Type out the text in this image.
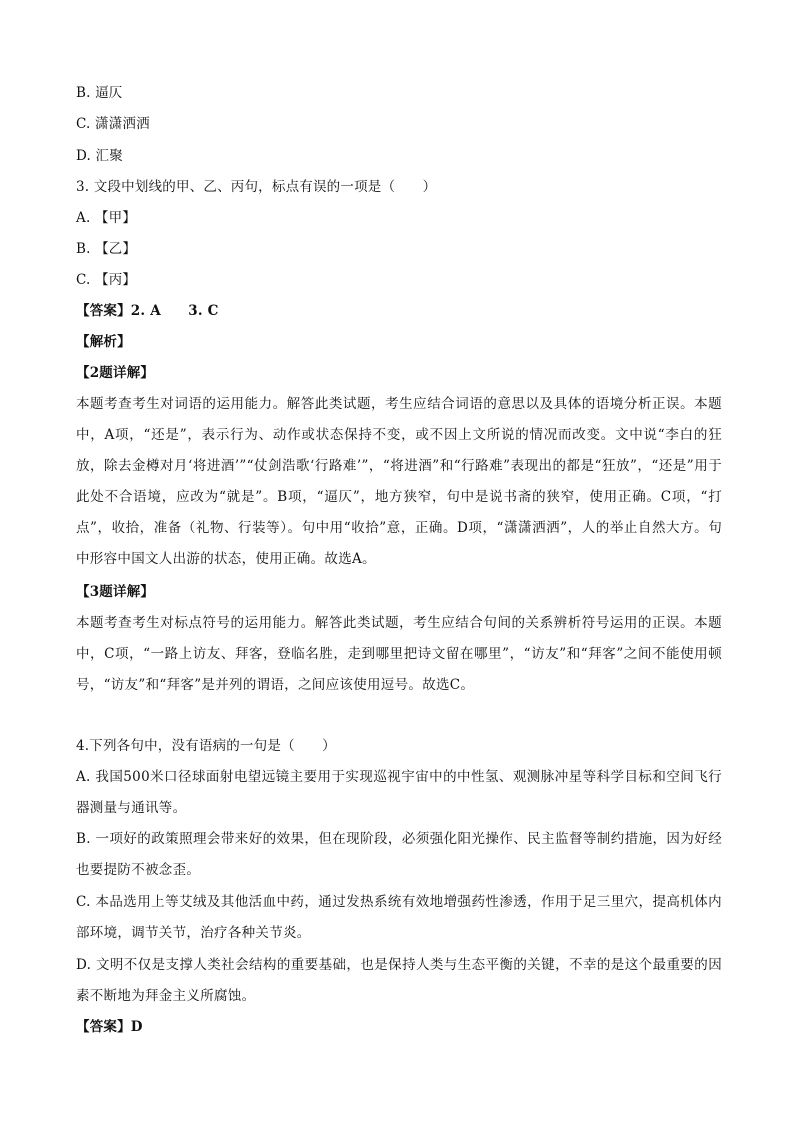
B. 逼仄
C. 潇潇洒洒
D. 汇聚
3. 文段中划线的甲、乙、丙句，标点有误的一项是（　　）
A. 【甲】
B. 【乙】
C. 【丙】
【答案】2. A　　3. C
【解析】
【2题详解】
本题考查考生对词语的运用能力。解答此类试题，考生应结合词语的意思以及具体的语境分析正误。本题中，A项，“还是”，表示行为、动作或状态保持不变，或不因上文所说的情况而改变。文中说“李白的狂放，除去金樽对月‘将进酒’”“仗剑浩歌‘行路难’”，“将进酒”和“行路难”表现出的都是“狂放”，“还是”用于此处不合语境，应改为“就是”。B项，“逼仄”，地方狭窄，句中是说书斋的狭窄，使用正确。C项，“打点”，收拾，准备（礼物、行装等）。句中用“收拾”意，正确。D项，“潇潇洒洒”，人的举止自然大方。句中形容中国文人出游的状态，使用正确。故选A。
【3题详解】
本题考查考生对标点符号的运用能力。解答此类试题，考生应结合句间的关系辨析符号运用的正误。本题中，C项，“一路上访友、拜客，登临名胜，走到哪里把诗文留在哪里”，“访友”和“拜客”之间不能使用顿号，“访友”和“拜客”是并列的谓语，之间应该使用逗号。故选C。
4.下列各句中，没有语病的一句是（　　）
A. 我国500米口径球面射电望远镜主要用于实现巡视宇宙中的中性氢、观测脉冲星等科学目标和空间飞行器测量与通讯等。
B. 一项好的政策照理会带来好的效果，但在现阶段，必须强化阳光操作、民主监督等制约措施，因为好经也要提防不被念歪。
C. 本品选用上等艾绒及其他活血中药，通过发热系统有效地增强药性渗透，作用于足三里穴，提高机体内部环境，调节关节，治疗各种关节炎。
D. 文明不仅是支撑人类社会结构的重要基础，也是保持人类与生态平衡的关键，不幸的是这个最重要的因素不断地为拜金主义所腐蚀。
【答案】D
